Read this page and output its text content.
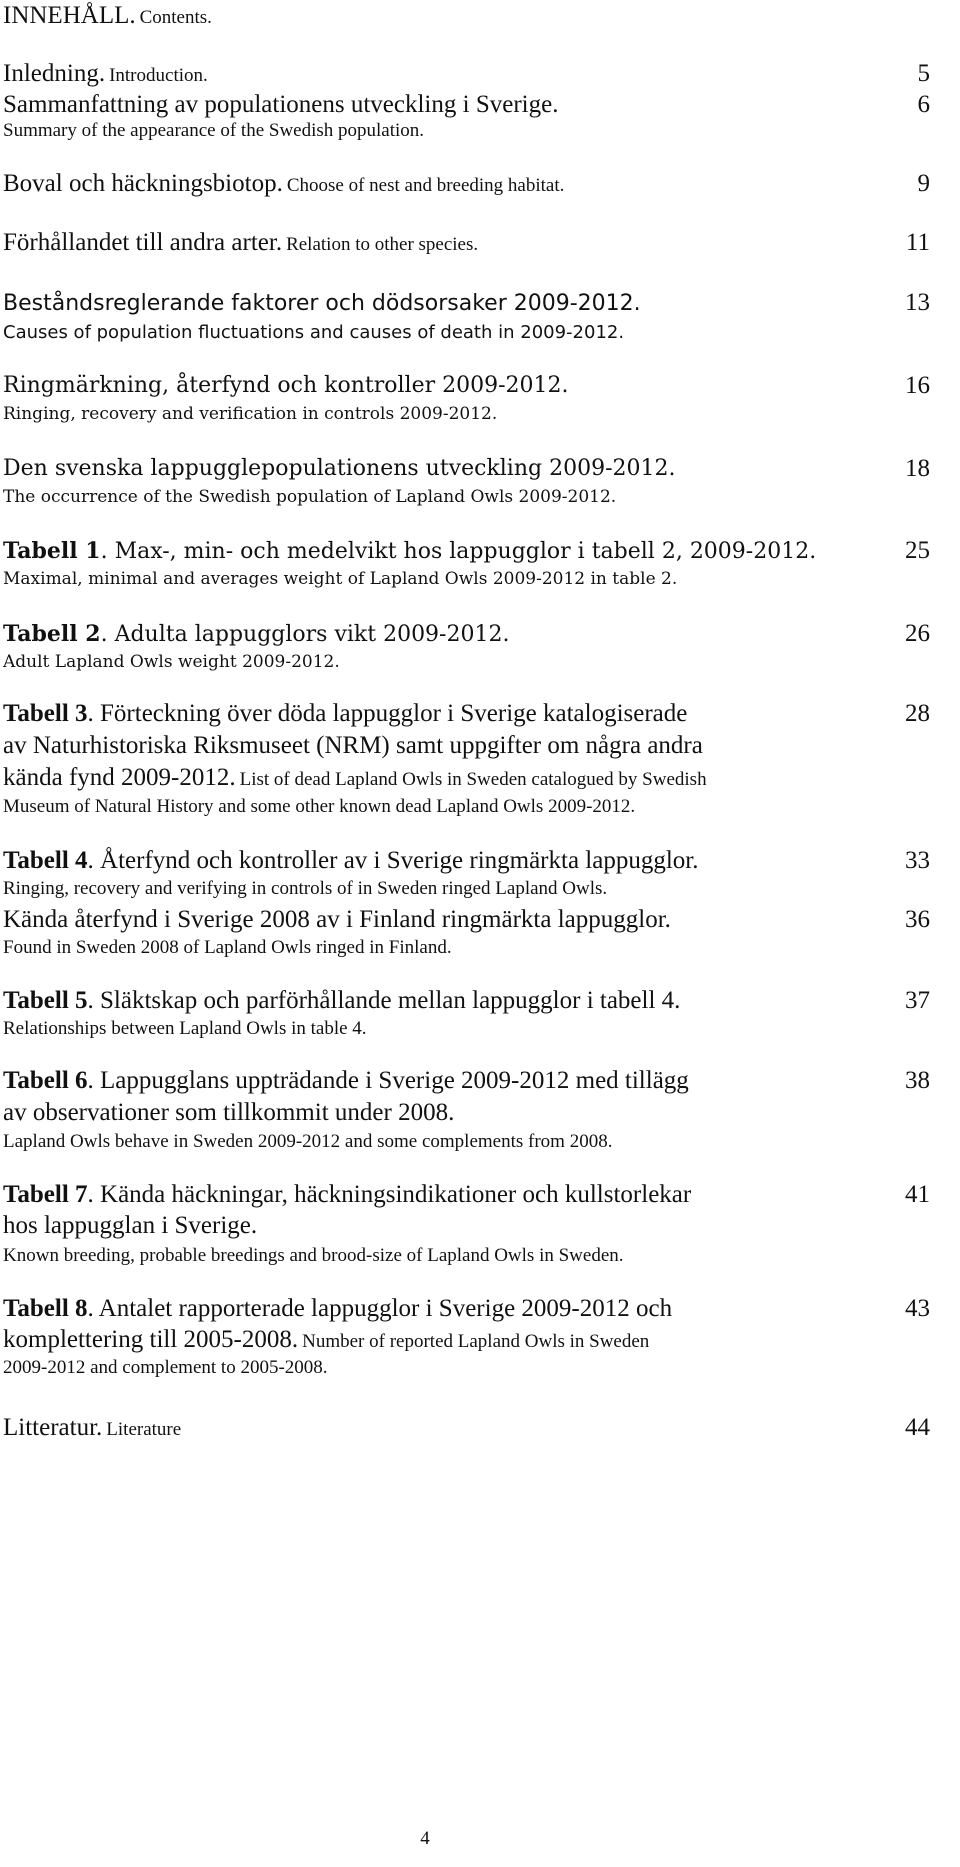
INNEHÅLL. Contents.
Inledning. Introduction.	5
Sammanfattning av populationens utveckling i Sverige.	6
Summary of the appearance of the Swedish population.
Boval och häckningsbiotop. Choose of nest and breeding habitat.	9
Förhållandet till andra arter. Relation to other species.	11
Beståndsreglerande faktorer och dödsorsaker 2009-2012.	13
Causes of population fluctuations and causes of death in 2009-2012.
Ringmärkning, återfynd och kontroller 2009-2012.	16
Ringing, recovery and verification in controls 2009-2012.
Den svenska lappugglepopulationens utveckling 2009-2012.	18
The occurrence of the Swedish population of Lapland Owls 2009-2012.
Tabell 1. Max-, min- och medelvikt hos lappugglor i tabell 2, 2009-2012.	25
Maximal, minimal and averages weight of Lapland Owls 2009-2012 in table 2.
Tabell 2. Adulta lappugglors vikt 2009-2012.	26
Adult Lapland Owls weight 2009-2012.
Tabell 3. Förteckning över döda lappugglor i Sverige katalogiserade	28
av Naturhistoriska Riksmuseet (NRM) samt uppgifter om några andra
kända fynd 2009-2012. List of dead Lapland Owls in Sweden catalogued by Swedish
Museum of Natural History and some other known dead Lapland Owls 2009-2012.
Tabell 4. Återfynd och kontroller av i Sverige ringmärkta lappugglor.	33
Ringing, recovery and verifying in controls of in Sweden ringed Lapland Owls.
Kända återfynd i Sverige 2008 av i Finland ringmärkta lappugglor.	36
Found in Sweden 2008 of Lapland Owls ringed in Finland.
Tabell 5. Släktskap och parförhållande mellan lappugglor i tabell 4.	37
Relationships between Lapland Owls in table 4.
Tabell 6. Lappugglans uppträdande i Sverige 2009-2012 med tillägg	38
av observationer som tillkommit under 2008.
Lapland Owls behave in Sweden 2009-2012 and some complements from 2008.
Tabell 7. Kända häckningar, häckningsindikationer och kullstorlekar	41
hos lappugglan i Sverige.
Known breeding, probable breedings and brood-size of Lapland Owls in Sweden.
Tabell 8. Antalet rapporterade lappugglor i Sverige 2009-2012 och	43
komplettering till 2005-2008. Number of reported Lapland Owls in Sweden
2009-2012 and complement to 2005-2008.
Litteratur. Literature	44
4
